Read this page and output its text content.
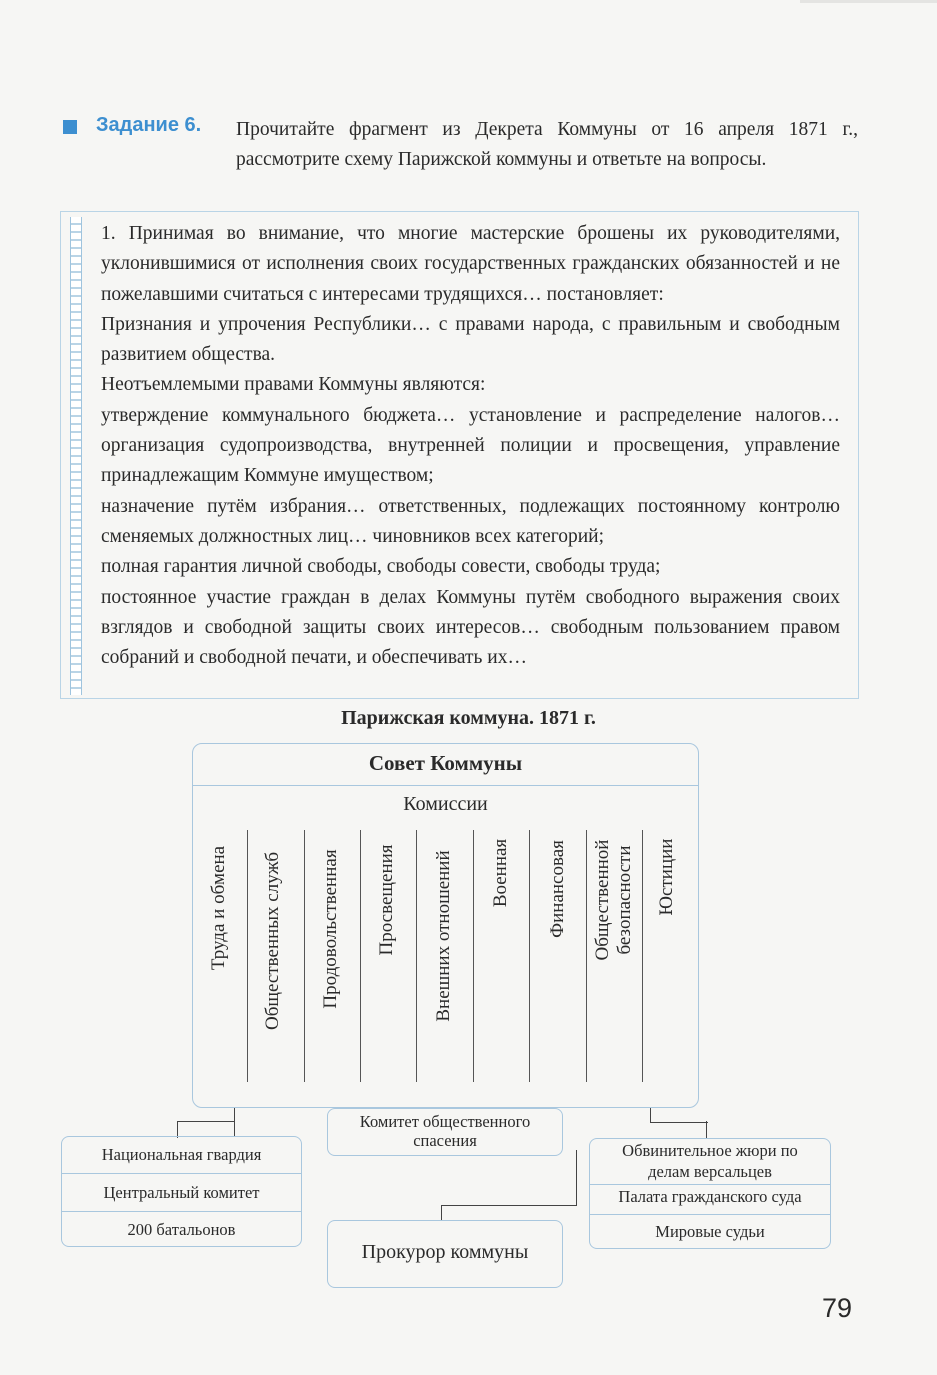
Задание 6. Прочитайте фрагмент из Декрета Коммуны от 16 апреля 1871 г., рассмотрите схему Парижской коммуны и ответьте на вопросы.

1. Принимая во внимание, что многие мастерские брошены их руководителями, уклонившимися от исполнения своих государственных гражданских обязанностей и не пожелавшими считаться с интересами трудящихся… постановляет:

Признания и упрочения Республики… с правами народа, с правильным и свободным развитием общества.

Неотъемлемыми правами Коммуны являются:

утверждение коммунального бюджета… установление и распределение налогов… организация судопроизводства, внутренней полиции и просвещения, управление принадлежащим Коммуне имуществом;

назначение путём избрания… ответственных, подлежащих постоянному контролю сменяемых должностных лиц… чиновников всех категорий;

полная гарантия личной свободы, свободы совести, свободы труда;

постоянное участие граждан в делах Коммуны путём свободного выражения своих взглядов и свободной защиты своих интересов… свободным пользованием правом собраний и свободной печати, и обеспечивать их…

Парижская коммуна. 1871 г.
Совет Коммуны
Комиссии
Труда и обмена Общественных служб Продовольственная Просвещения Внешних отношений Военная Финансовая Общественной безопасности Юстиции
Национальная гвардия
Центральный комитет
200 батальонов
Комитет общественного спасения
Обвинительное жюри по делам версальцев
Палата гражданского суда
Мировые судьи
Прокурор коммуны
79
